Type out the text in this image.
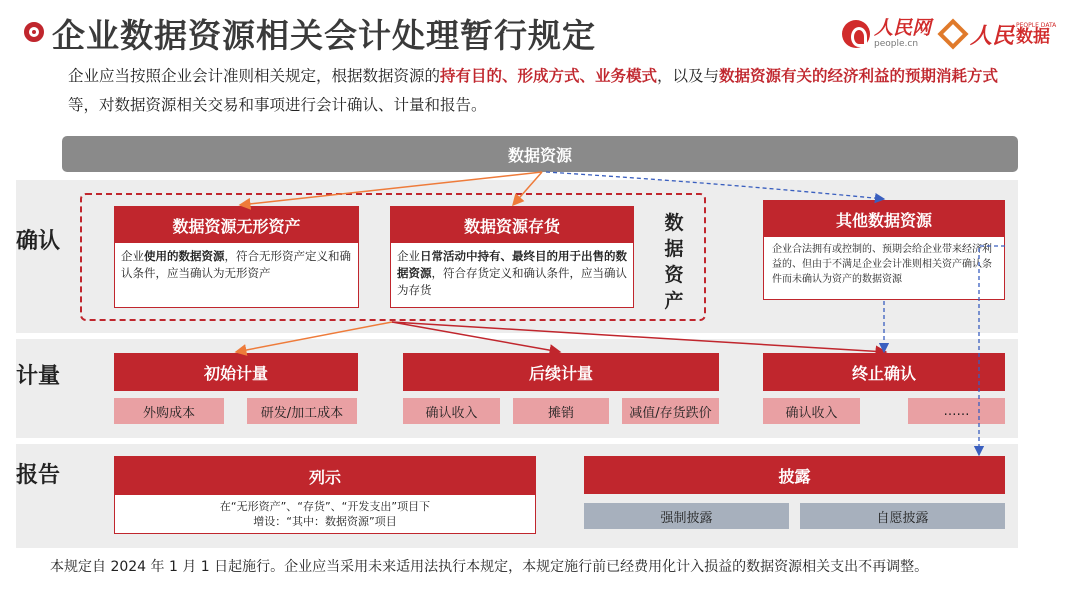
企业数据资源相关会计处理暂行规定	人民网
people.cn	人民 PEOPLE DATA
数据
企业应当按照企业会计准则相关规定，根据数据资源的持有目的、形成方式、业务模式，以及与数据资源有关的经济利益的预期消耗方式等，对数据资源相关交易和事项进行会计确认、计量和报告。
数据资源
确认
计量
报告
数据资产
数据资源无形资产
企业使用的数据资源，符合无形资产定义和确认条件，应当确认为无形资产
数据资源存货
企业日常活动中持有、最终目的用于出售的数据资源，符合存货定义和确认条件，应当确认为存货
其他数据资源
企业合法拥有或控制的、预期会给企业带来经济利益的、但由于不满足企业会计准则相关资产确认条件而未确认为资产的数据资源
初始计量	后续计量	终止确认
外购成本	研发/加工成本	确认收入	摊销	减值/存货跌价	确认收入	……
列示
在“无形资产”、“存货”、“开发支出”项目下
增设：“其中：数据资源”项目
披露
强制披露	自愿披露
本规定自 2024 年 1 月 1 日起施行。企业应当采用未来适用法执行本规定，本规定施行前已经费用化计入损益的数据资源相关支出不再调整。
